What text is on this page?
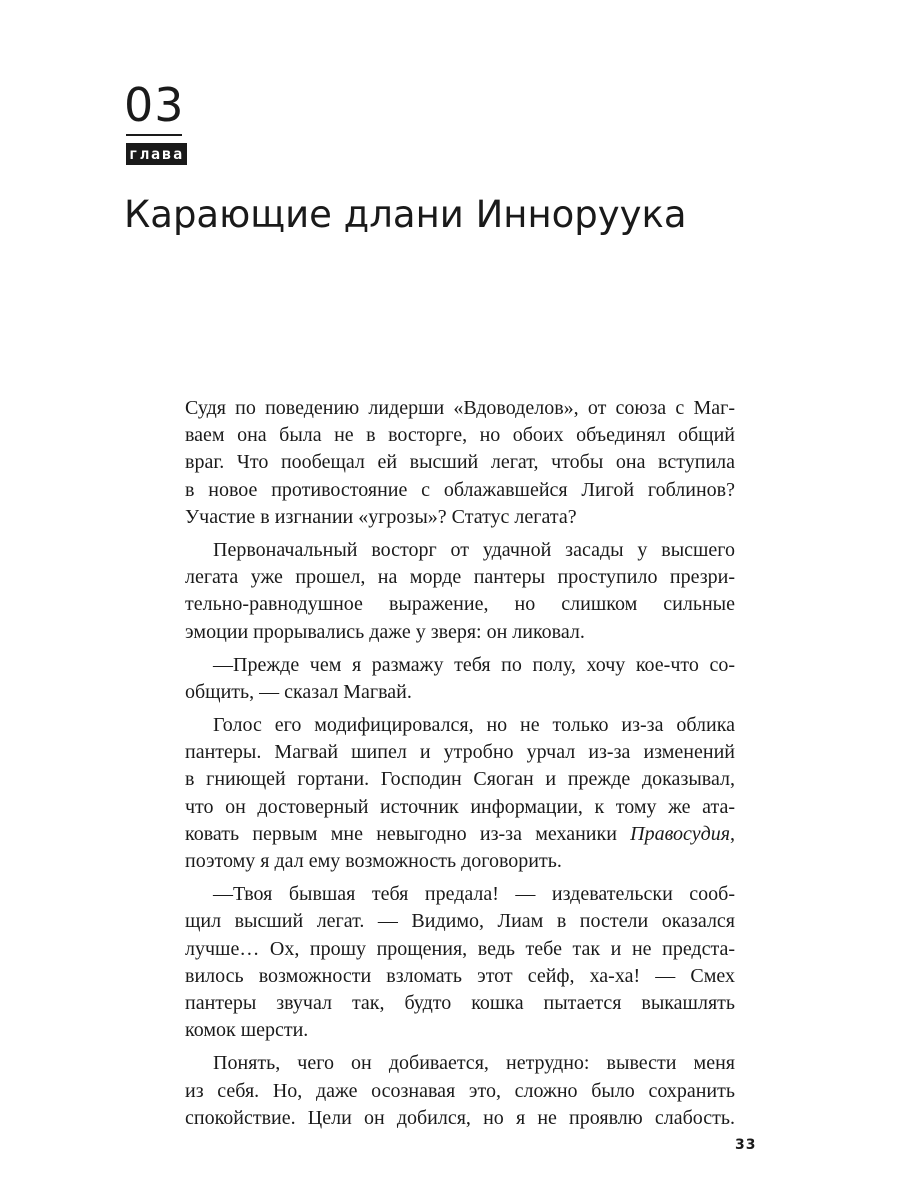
03
глава
Карающие длани Инноруука
Судя по поведению лидерши «Вдоводелов», от союза с Маг-
ваем она была не в восторге, но обоих объединял общий
враг. Что пообещал ей высший легат, чтобы она вступила
в новое противостояние с облажавшейся Лигой гоблинов?
Участие в изгнании «угрозы»? Статус легата?
Первоначальный восторг от удачной засады у высшего
легата уже прошел, на морде пантеры проступило презри-
тельно-равнодушное выражение, но слишком сильные
эмоции прорывались даже у зверя: он ликовал.
—Прежде чем я размажу тебя по полу, хочу кое-что со-
общить, — сказал Магвай.
Голос его модифицировался, но не только из-за облика
пантеры. Магвай шипел и утробно урчал из-за изменений
в гниющей гортани. Господин Сяоган и прежде доказывал,
что он достоверный источник информации, к тому же ата-
ковать первым мне невыгодно из-за механики Правосудия,
поэтому я дал ему возможность договорить.
—Твоя бывшая тебя предала! — издевательски сооб-
щил высший легат. — Видимо, Лиам в постели оказался
лучше… Ох, прошу прощения, ведь тебе так и не предста-
вилось возможности взломать этот сейф, ха-ха! — Смех
пантеры звучал так, будто кошка пытается выкашлять
комок шерсти.
Понять, чего он добивается, нетрудно: вывести меня
из себя. Но, даже осознавая это, сложно было сохранить
спокойствие. Цели он добился, но я не проявлю слабость.
33
